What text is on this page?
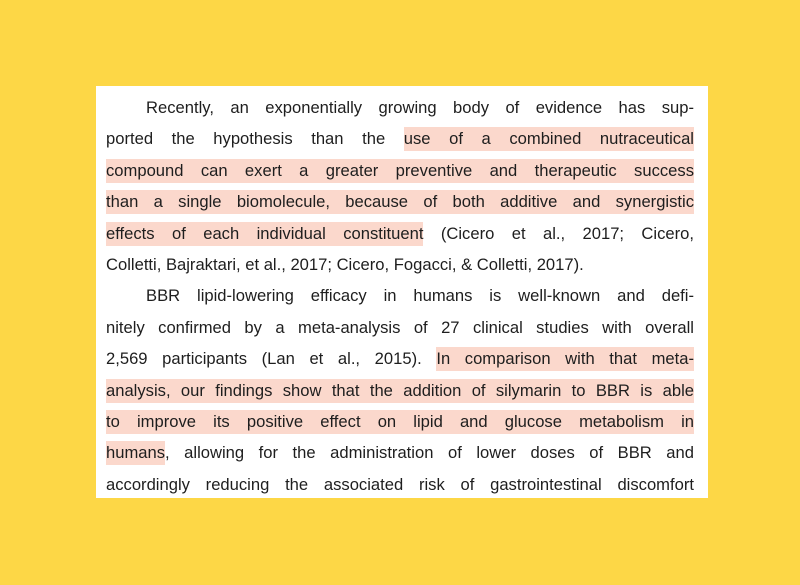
Recently, an exponentially growing body of evidence has sup-
ported the hypothesis than the use of a combined nutraceutical
compound can exert a greater preventive and therapeutic success
than a single biomolecule, because of both additive and synergistic
effects of each individual constituent (Cicero et al., 2017; Cicero,
Colletti, Bajraktari, et al., 2017; Cicero, Fogacci, & Colletti, 2017).
BBR lipid-lowering efficacy in humans is well-known and defi-
nitely confirmed by a meta-analysis of 27 clinical studies with overall
2,569 participants (Lan et al., 2015). In comparison with that meta-
analysis, our findings show that the addition of silymarin to BBR is able
to improve its positive effect on lipid and glucose metabolism in
humans, allowing for the administration of lower doses of BBR and
accordingly reducing the associated risk of gastrointestinal discomfort
